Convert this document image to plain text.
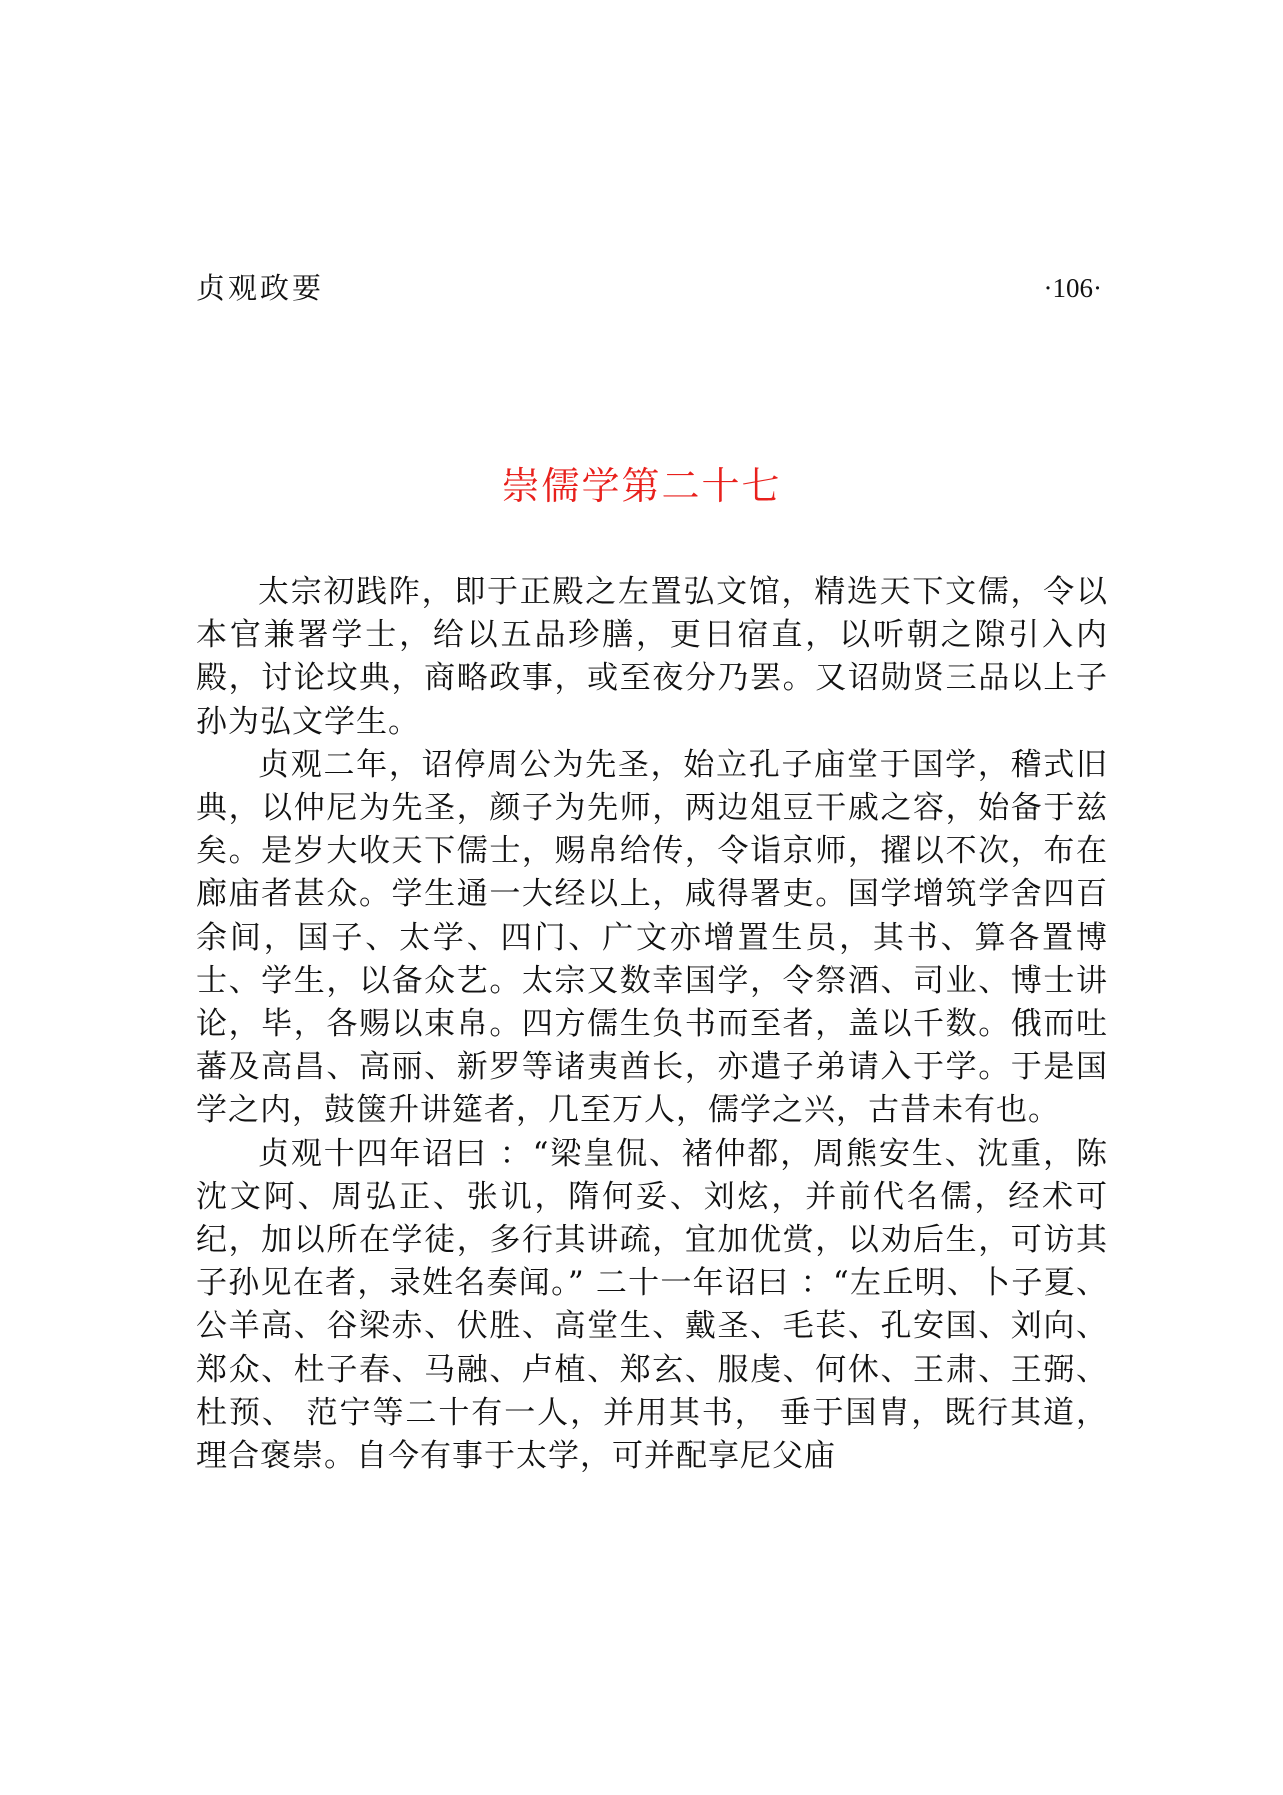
贞观政要	·106·
崇儒学第二十七

太宗初践阼，即于正殿之左置弘文馆，精选天下文儒，令以本官兼署学士，给以五品珍膳，更日宿直，以听朝之隙引入内殿，讨论坟典，商略政事，或至夜分乃罢。又诏勋贤三品以上子孙为弘文学生。

贞观二年，诏停周公为先圣，始立孔子庙堂于国学，稽式旧典，以仲尼为先圣，颜子为先师，两边俎豆干戚之容，始备于兹矣。是岁大收天下儒士，赐帛给传，令诣京师，擢以不次，布在廊庙者甚众。学生通一大经以上，咸得署吏。国学增筑学舍四百余间，国子、太学、四门、广文亦增置生员，其书、算各置博士、学生，以备众艺。太宗又数幸国学，令祭酒、司业、博士讲论，毕，各赐以束帛。四方儒生负书而至者，盖以千数。俄而吐蕃及高昌、高丽、新罗等诸夷酋长，亦遣子弟请入于学。于是国学之内，鼓箧升讲筵者，几至万人，儒学之兴，古昔未有也。

贞观十四年诏曰 ：“梁皇侃、褚仲都，周熊安生、沈重，陈沈文阿、周弘正、张讥，隋何妥、刘炫，并前代名儒，经术可纪，加以所在学徒，多行其讲疏，宜加优赏，以劝后生，可访其子孙见在者，录姓名奏闻。” 二十一年诏曰 ：“左丘明、卜子夏、公羊高、谷梁赤、伏胜、高堂生、戴圣、毛苌、孔安国、刘向、郑众、杜子春、马融、卢植、郑玄、服虔、何休、王肃、王弼、杜预、 范宁等二十有一人，并用其书， 垂于国胄，既行其道，理合褒崇。自今有事于太学，可并配享尼父庙
